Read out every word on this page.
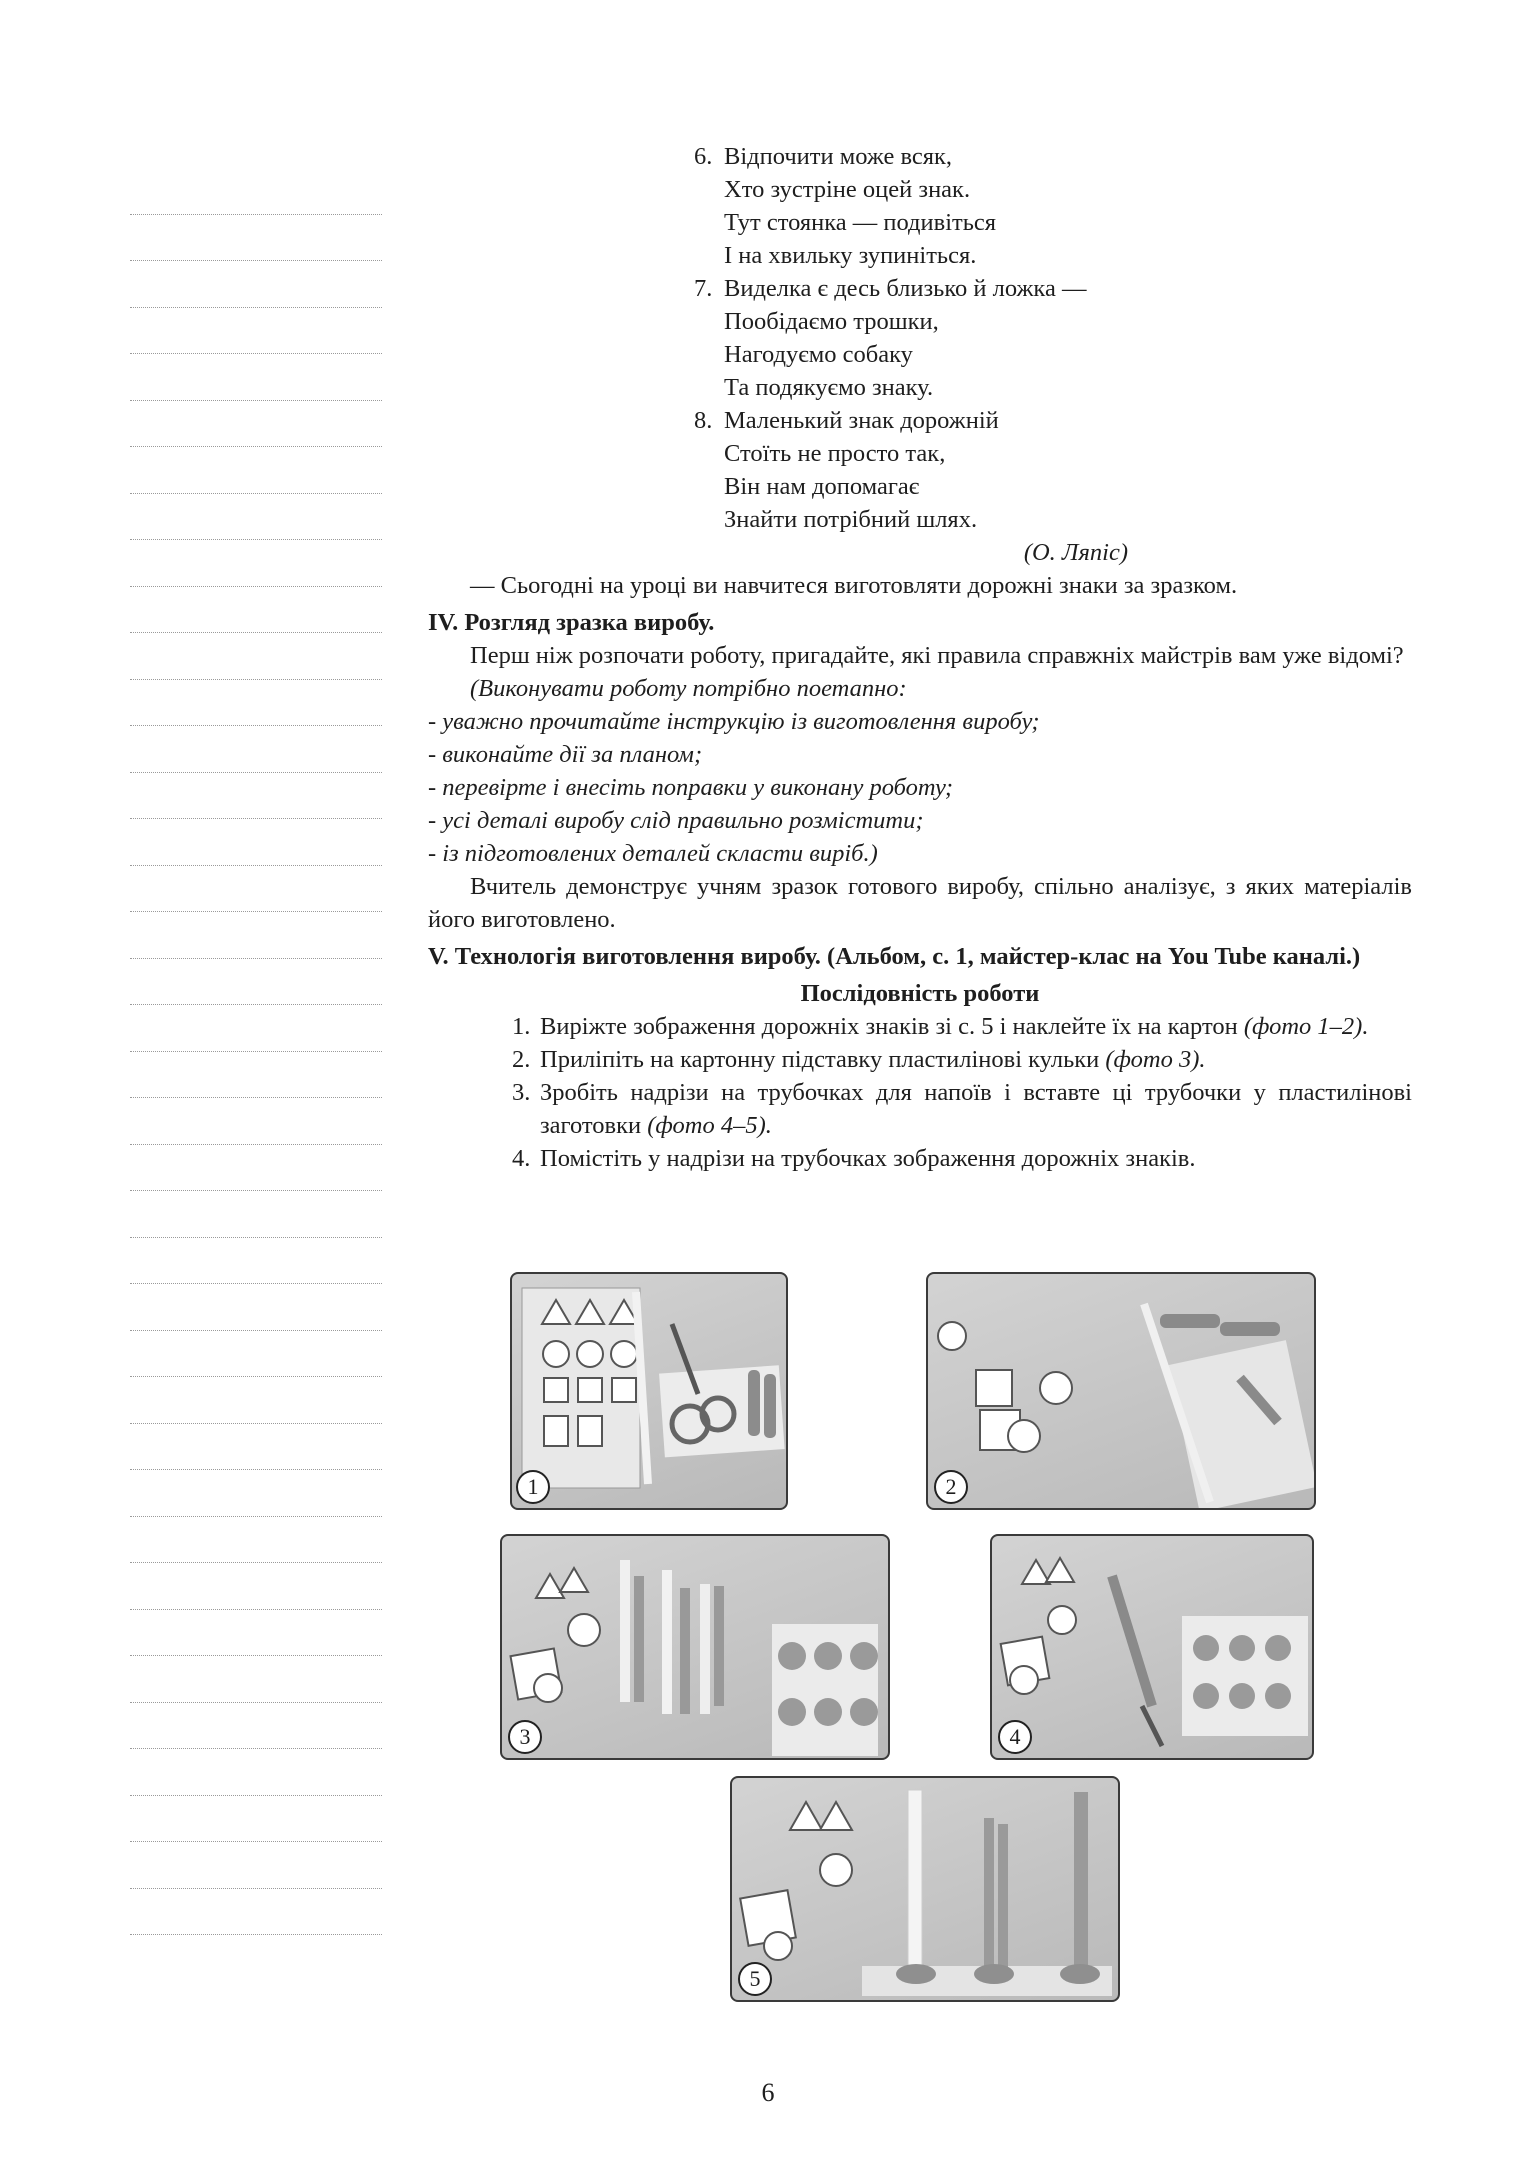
6. Відпочити може всяк,
Хто зустріне оцей знак.
Тут стоянка — подивіться
І на хвильку зупиніться.
7. Виделка є десь близько й ложка —
Пообідаємо трошки,
Нагодуємо собаку
Та подякуємо знаку.
8. Маленький знак дорожній
Стоїть не просто так,
Він нам допомагає
Знайти потрібний шлях.
(О. Ляпіс)
— Сьогодні на уроці ви навчитеся виготовляти дорожні знаки за зразком.
IV. Розгляд зразка виробу.
Перш ніж розпочати роботу, пригадайте, які правила справжніх майстрів вам уже відомі?
(Виконувати роботу потрібно поетапно:
- уважно прочитайте інструкцію із виготовлення виробу;
- виконайте дії за планом;
- перевірте і внесіть поправки у виконану роботу;
- усі деталі виробу слід правильно розмістити;
- із підготовлених деталей скласти виріб.)
Вчитель демонструє учням зразок готового виробу, спільно аналізує, з яких матеріалів його виготовлено.
V. Технологія виготовлення виробу. (Альбом, с. 1, майстер-клас на You Tube каналі.)
Послідовність роботи
1. Виріжте зображення дорожніх знаків зі с. 5 і наклейте їх на картон (фото 1–2).
2. Приліпіть на картонну підставку пластилінові кульки (фото 3).
3. Зробіть надрізи на трубочках для напоїв і вставте ці трубочки у пластилінові заготовки (фото 4–5).
4. Помістіть у надрізи на трубочках зображення дорожніх знаків.
1	2
3	4
5
6
